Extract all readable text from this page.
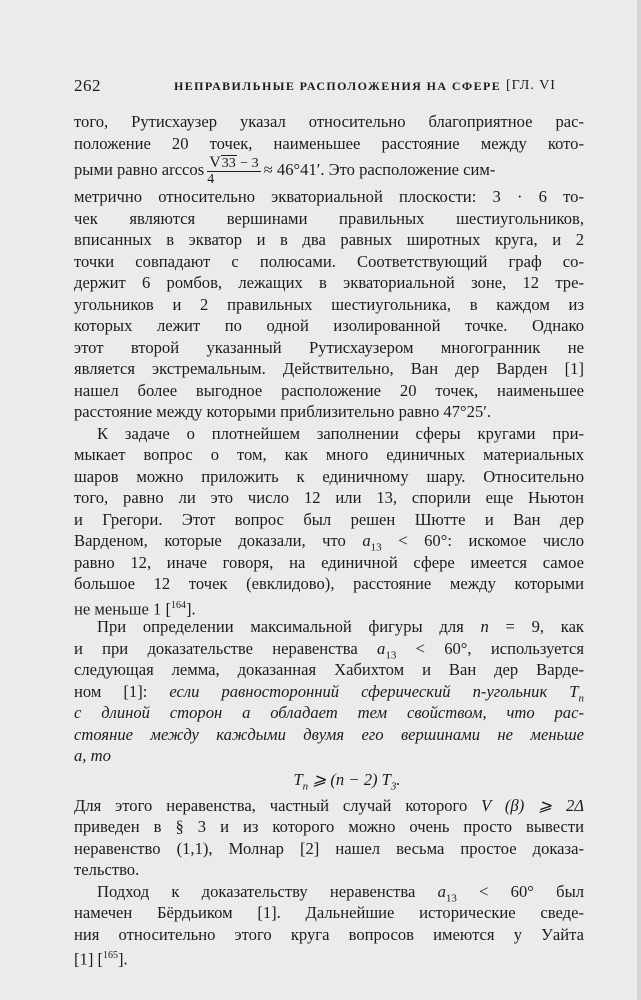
262	НЕПРАВИЛЬНЫЕ РАСПОЛОЖЕНИЯ НА СФЕРЕ [ГЛ. VI
того, Рутисхаузер указал относительно благоприятное рас-
положение 20 точек, наименьшее расстояние между кото-
рыми равно $\arccos \frac{V33 - 3}{4} \approx 46^\circ 41'$. Это расположение сим-
метрично относительно экваториальной плоскости: 3 · 6 то-
чек являются вершинами правильных шестиугольников,
вписанных в экватор и в два равных широтных круга, и 2
точки совпадают с полюсами. Соответствующий граф со-
держит 6 ромбов, лежащих в экваториальной зоне, 12 тре-
угольников и 2 правильных шестиугольника, в каждом из
которых лежит по одной изолированной точке. Однако
этот второй указанный Рутисхаузером многогранник не
является экстремальным. Действительно, Ван дер Варден [1]
нашел более выгодное расположение 20 точек, наименьшее
расстояние между которыми приблизительно равно 47°25′.
К задаче о плотнейшем заполнении сферы кругами при-
мыкает вопрос о том, как много единичных материальных
шаров можно приложить к единичному шару. Относительно
того, равно ли это число 12 или 13, спорили еще Ньютон
и Грегори. Этот вопрос был решен Шютте и Ван дер
Варденом, которые доказали, что $a_{13} < 60^\circ$: искомое число
равно 12, иначе говоря, на единичной сфере имеется самое
большое 12 точек (евклидово), расстояние между которыми
не меньше 1 [$^{164}$].
При определении максимальной фигуры для n = 9, как
и при доказательстве неравенства $a_{13} < 60^\circ$, используется
следующая лемма, доказанная Хабихтом и Ван дер Варде-
ном [1]: если равносторонний сферический n-угольник $T_n$
с длиной сторон a обладает тем свойством, что рас-
стояние между каждыми двумя его вершинами не меньше
a, то
$T_n$ ⩾ (n − 2) $T_3$.
Для этого неравенства, частный случай которого V (β) ⩾ 2Δ
приведен в § 3 и из которого можно очень просто вывести
неравенство (1,1), Молнар [2] нашел весьма простое доказа-
тельство.
Подход к доказательству неравенства $a_{13} < 60^\circ$ был
намечен Бёрдьиком [1]. Дальнейшие исторические сведе-
ния относительно этого круга вопросов имеются у Уайта
[1] [$^{165}$].
